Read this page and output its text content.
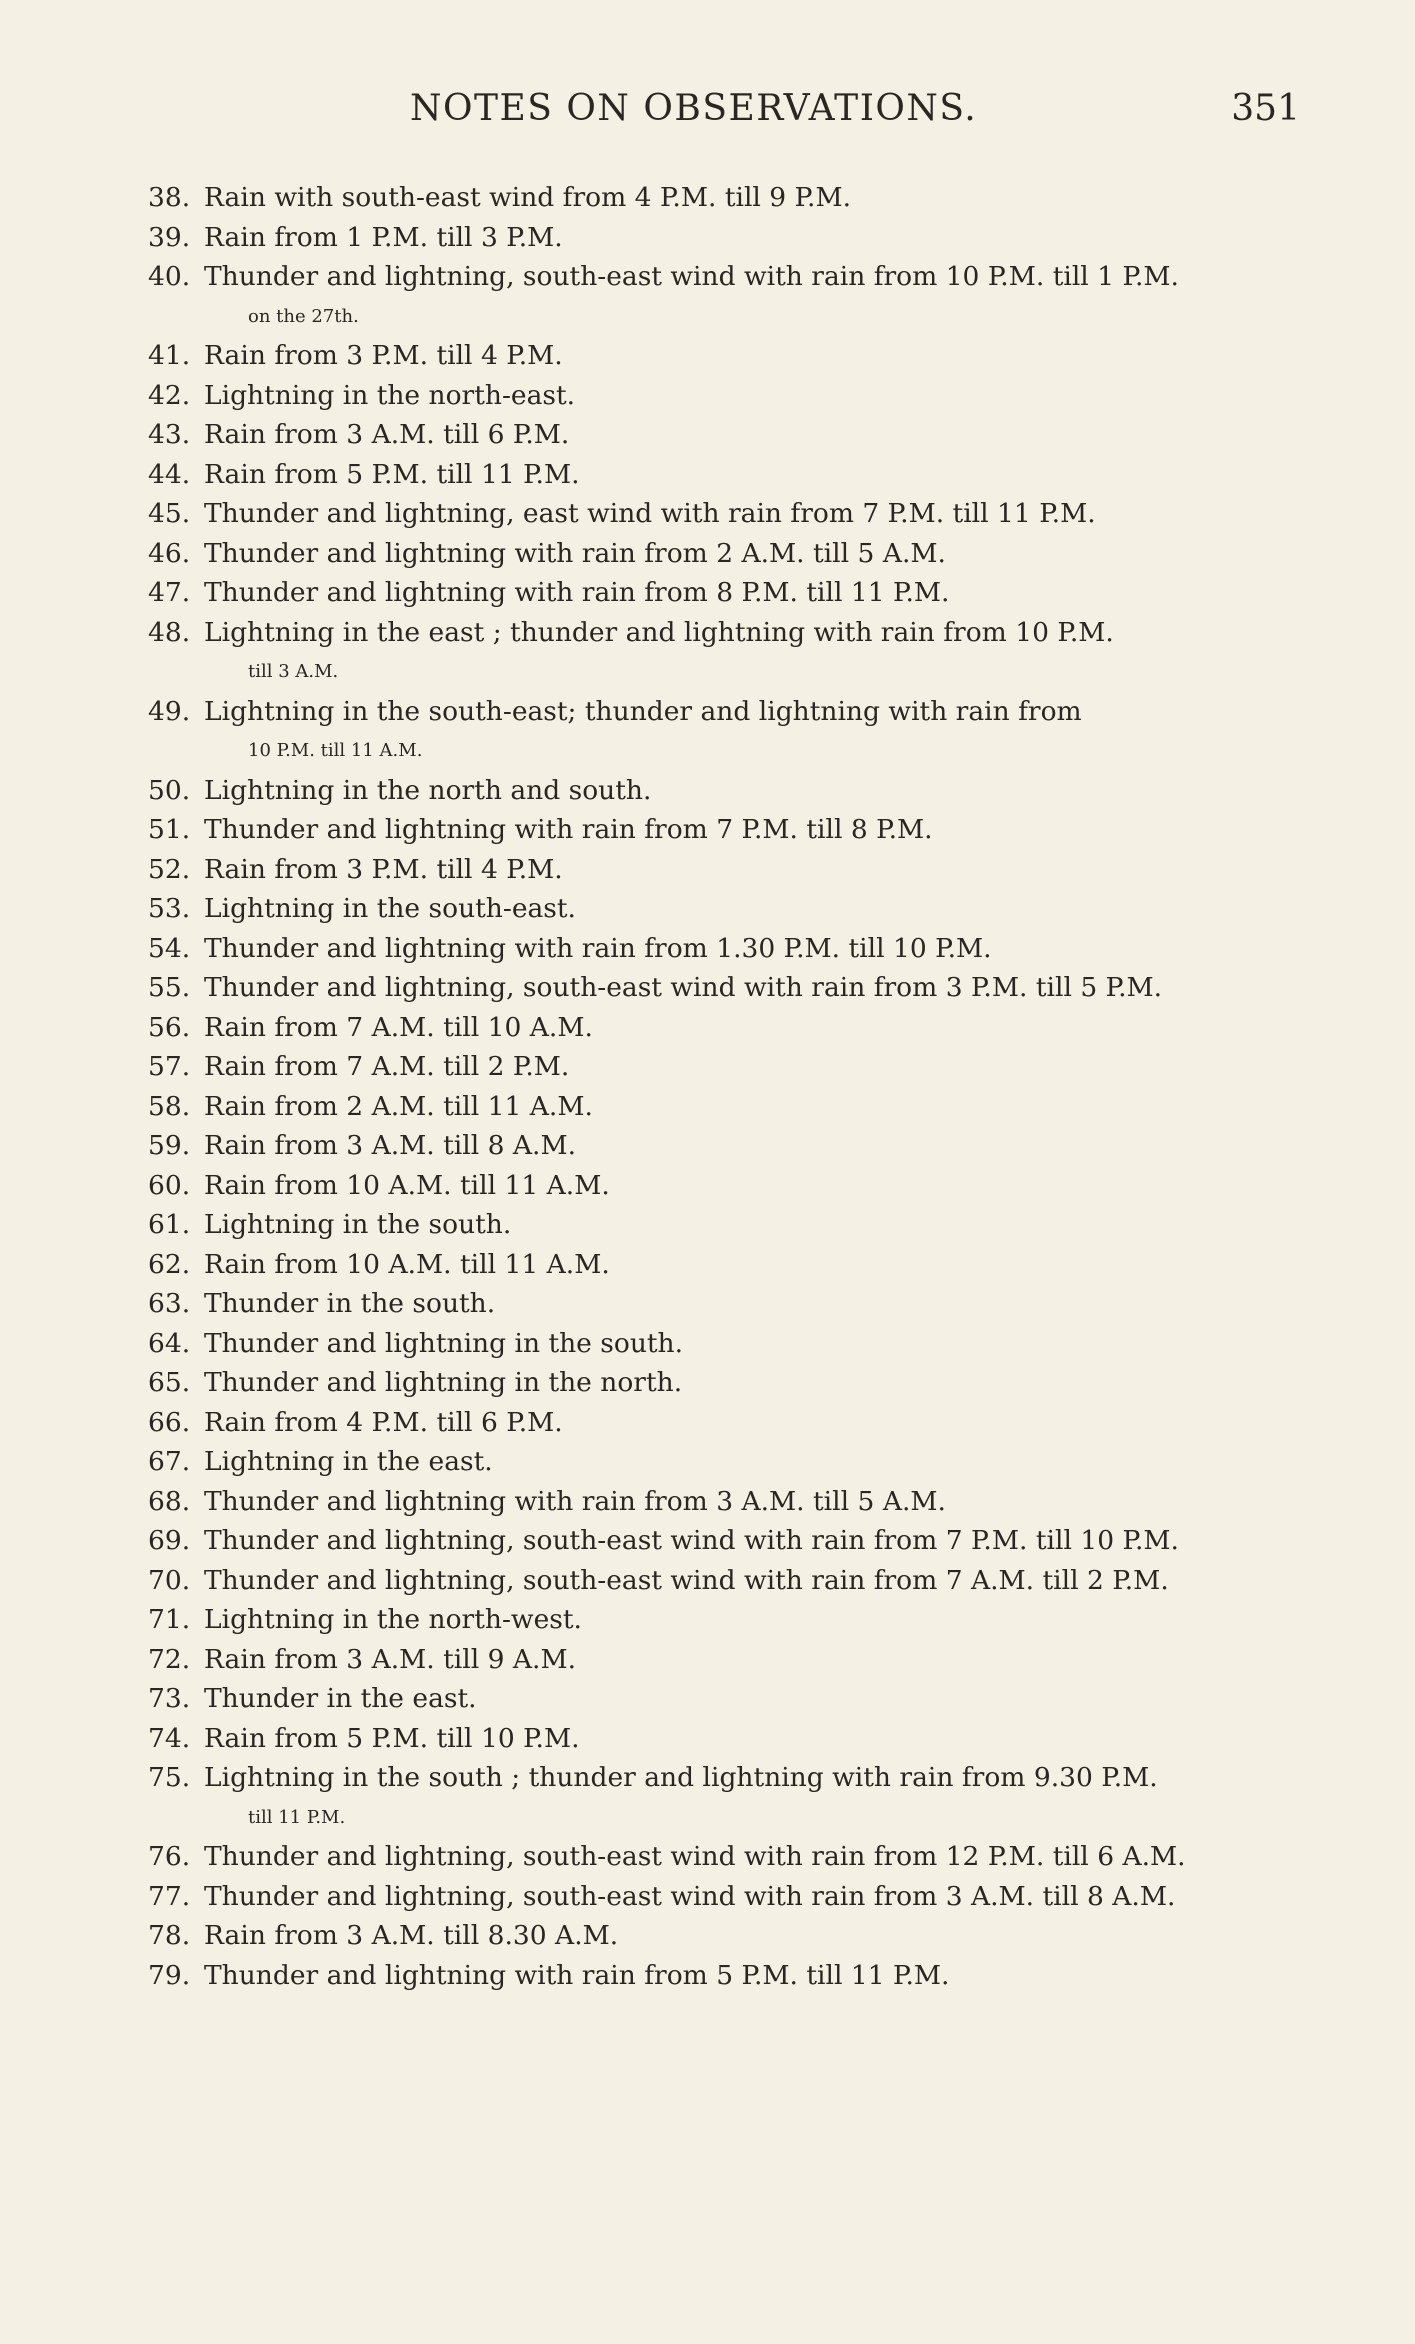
NOTES ON OBSERVATIONS.	351
38. Rain with south-east wind from 4 P.M. till 9 P.M.
39. Rain from 1 P.M. till 3 P.M.
40. Thunder and lightning, south-east wind with rain from 10 P.M. till 1 P.M.
on the 27th.
41. Rain from 3 P.M. till 4 P.M.
42. Lightning in the north-east.
43. Rain from 3 A.M. till 6 P.M.
44. Rain from 5 P.M. till 11 P.M.
45. Thunder and lightning, east wind with rain from 7 P.M. till 11 P.M.
46. Thunder and lightning with rain from 2 A.M. till 5 A.M.
47. Thunder and lightning with rain from 8 P.M. till 11 P.M.
48. Lightning in the east ; thunder and lightning with rain from 10 P.M.
till 3 A.M.
49. Lightning in the south-east; thunder and lightning with rain from
10 P.M. till 11 A.M.
50. Lightning in the north and south.
51. Thunder and lightning with rain from 7 P.M. till 8 P.M.
52. Rain from 3 P.M. till 4 P.M.
53. Lightning in the south-east.
54. Thunder and lightning with rain from 1.30 P.M. till 10 P.M.
55. Thunder and lightning, south-east wind with rain from 3 P.M. till 5 P.M.
56. Rain from 7 A.M. till 10 A.M.
57. Rain from 7 A.M. till 2 P.M.
58. Rain from 2 A.M. till 11 A.M.
59. Rain from 3 A.M. till 8 A.M.
60. Rain from 10 A.M. till 11 A.M.
61. Lightning in the south.
62. Rain from 10 A.M. till 11 A.M.
63. Thunder in the south.
64. Thunder and lightning in the south.
65. Thunder and lightning in the north.
66. Rain from 4 P.M. till 6 P.M.
67. Lightning in the east.
68. Thunder and lightning with rain from 3 A.M. till 5 A.M.
69. Thunder and lightning, south-east wind with rain from 7 P.M. till 10 P.M.
70. Thunder and lightning, south-east wind with rain from 7 A.M. till 2 P.M.
71. Lightning in the north-west.
72. Rain from 3 A.M. till 9 A.M.
73. Thunder in the east.
74. Rain from 5 P.M. till 10 P.M.
75. Lightning in the south ; thunder and lightning with rain from 9.30 P.M.
till 11 P.M.
76. Thunder and lightning, south-east wind with rain from 12 P.M. till 6 A.M.
77. Thunder and lightning, south-east wind with rain from 3 A.M. till 8 A.M.
78. Rain from 3 A.M. till 8.30 A.M.
79. Thunder and lightning with rain from 5 P.M. till 11 P.M.
